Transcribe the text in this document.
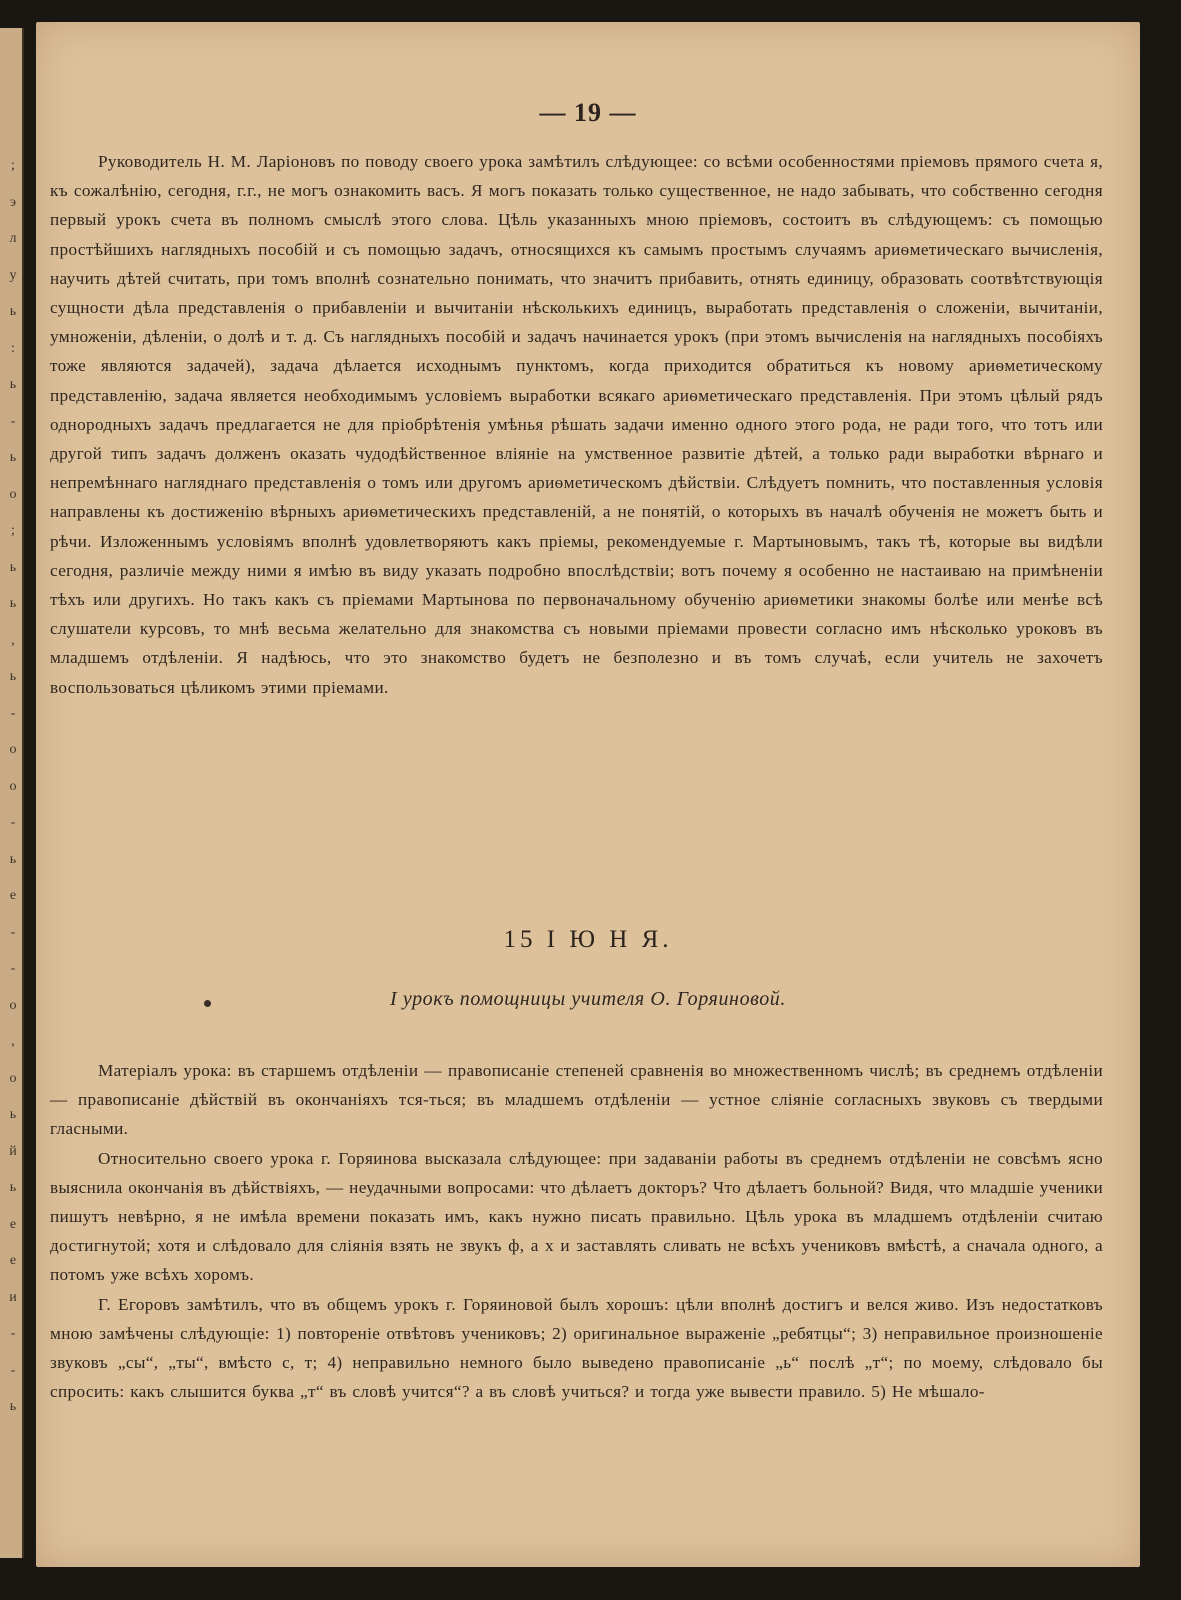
;
э
л
у
ь
:
ь
-
ь
о
;
ь
ь
,
ь
-
о
о
-
ь
е
-
-
о
,
о
ь
й
ь
е
е
и
-
-
ь
— 19 —

Руководитель Н. М. Ларіоновъ по поводу своего урока замѣтилъ слѣдующее: со всѣми особенностями пріемовъ прямого счета я, къ сожалѣнію, сегодня, г.г., не могъ ознакомить васъ. Я могъ показать только существенное, не надо забывать, что собственно сегодня первый урокъ счета въ полномъ смыслѣ этого слова. Цѣль указанныхъ мною пріемовъ, состоитъ въ слѣдующемъ: съ помощью простѣйшихъ наглядныхъ пособій и съ помощью задачъ, относящихся къ самымъ простымъ случаямъ ариѳметическаго вычисленія, научить дѣтей считать, при томъ вполнѣ сознательно понимать, что значитъ прибавить, отнять единицу, образовать соотвѣтствующія сущности дѣла представленія о прибавленіи и вычитаніи нѣсколькихъ единицъ, выработать представленія о сложеніи, вычитаніи, умноженіи, дѣленіи, о долѣ и т. д. Съ наглядныхъ пособій и задачъ начинается урокъ (при этомъ вычисленія на наглядныхъ пособіяхъ тоже являются задачей), задача дѣлается исходнымъ пунктомъ, когда приходится обратиться къ новому ариѳметическому представленію, задача является необходимымъ условіемъ выработки всякаго ариѳметическаго представленія. При этомъ цѣлый рядъ однородныхъ задачъ предлагается не для пріобрѣтенія умѣнья рѣшать задачи именно одного этого рода, не ради того, что тотъ или другой типъ задачъ долженъ оказать чудодѣйственное вліяніе на умственное развитіе дѣтей, а только ради выработки вѣрнаго и непремѣннаго нагляднаго представленія о томъ или другомъ ариѳметическомъ дѣйствіи. Слѣдуетъ помнить, что поставленныя условія направлены къ достиженію вѣрныхъ ариѳметическихъ представленій, а не понятій, о которыхъ въ началѣ обученія не можетъ быть и рѣчи. Изложеннымъ условіямъ вполнѣ удовлетворяютъ какъ пріемы, рекомендуемые г. Мартыновымъ, такъ тѣ, которые вы видѣли сегодня, различіе между ними я имѣю въ виду указать подробно впослѣдствіи; вотъ почему я особенно не настаиваю на примѣненіи тѣхъ или другихъ. Но такъ какъ съ пріемами Мартынова по первоначальному обученію ариѳметики знакомы болѣе или менѣе всѣ слушатели курсовъ, то мнѣ весьма желательно для знакомства съ новыми пріемами провести согласно имъ нѣсколько уроковъ въ младшемъ отдѣленіи. Я надѣюсь, что это знакомство будетъ не безполезно и въ томъ случаѣ, если учитель не захочетъ воспользоваться цѣликомъ этими пріемами.

15 І Ю Н Я.
I урокъ помощницы учителя О. Горяиновой.

Матеріалъ урока: въ старшемъ отдѣленіи — правописаніе степеней сравненія во множественномъ числѣ; въ среднемъ отдѣленіи — правописаніе дѣйствій въ окончаніяхъ тся-ться; въ младшемъ отдѣленіи — устное сліяніе согласныхъ звуковъ съ твердыми гласными.

Относительно своего урока г. Горяинова высказала слѣдующее: при задаваніи работы въ среднемъ отдѣленіи не совсѣмъ ясно выяснила окончанія въ дѣйствіяхъ, — неудачными вопросами: что дѣлаетъ докторъ? Что дѣлаетъ больной? Видя, что младшіе ученики пишутъ невѣрно, я не имѣла времени показать имъ, какъ нужно писать правильно. Цѣль урока въ младшемъ отдѣленіи считаю достигнутой; хотя и слѣдовало для сліянія взять не звукъ ф, а х и заставлять сливать не всѣхъ учениковъ вмѣстѣ, а сначала одного, а потомъ уже всѣхъ хоромъ.

Г. Егоровъ замѣтилъ, что въ общемъ урокъ г. Горяиновой былъ хорошъ: цѣли вполнѣ достигъ и велся живо. Изъ недостатковъ мною замѣчены слѣдующіе: 1) повтореніе отвѣтовъ учениковъ; 2) оригинальное выраженіе „ребятцы“; 3) неправильное произношеніе звуковъ „сы“, „ты“, вмѣсто с, т; 4) неправильно немного было выведено правописаніе „ь“ послѣ „т“; по моему, слѣдовало бы спросить: какъ слышится буква „т“ въ словѣ учится“? а въ словѣ учиться? и тогда уже вывести правило. 5) Не мѣшало-
